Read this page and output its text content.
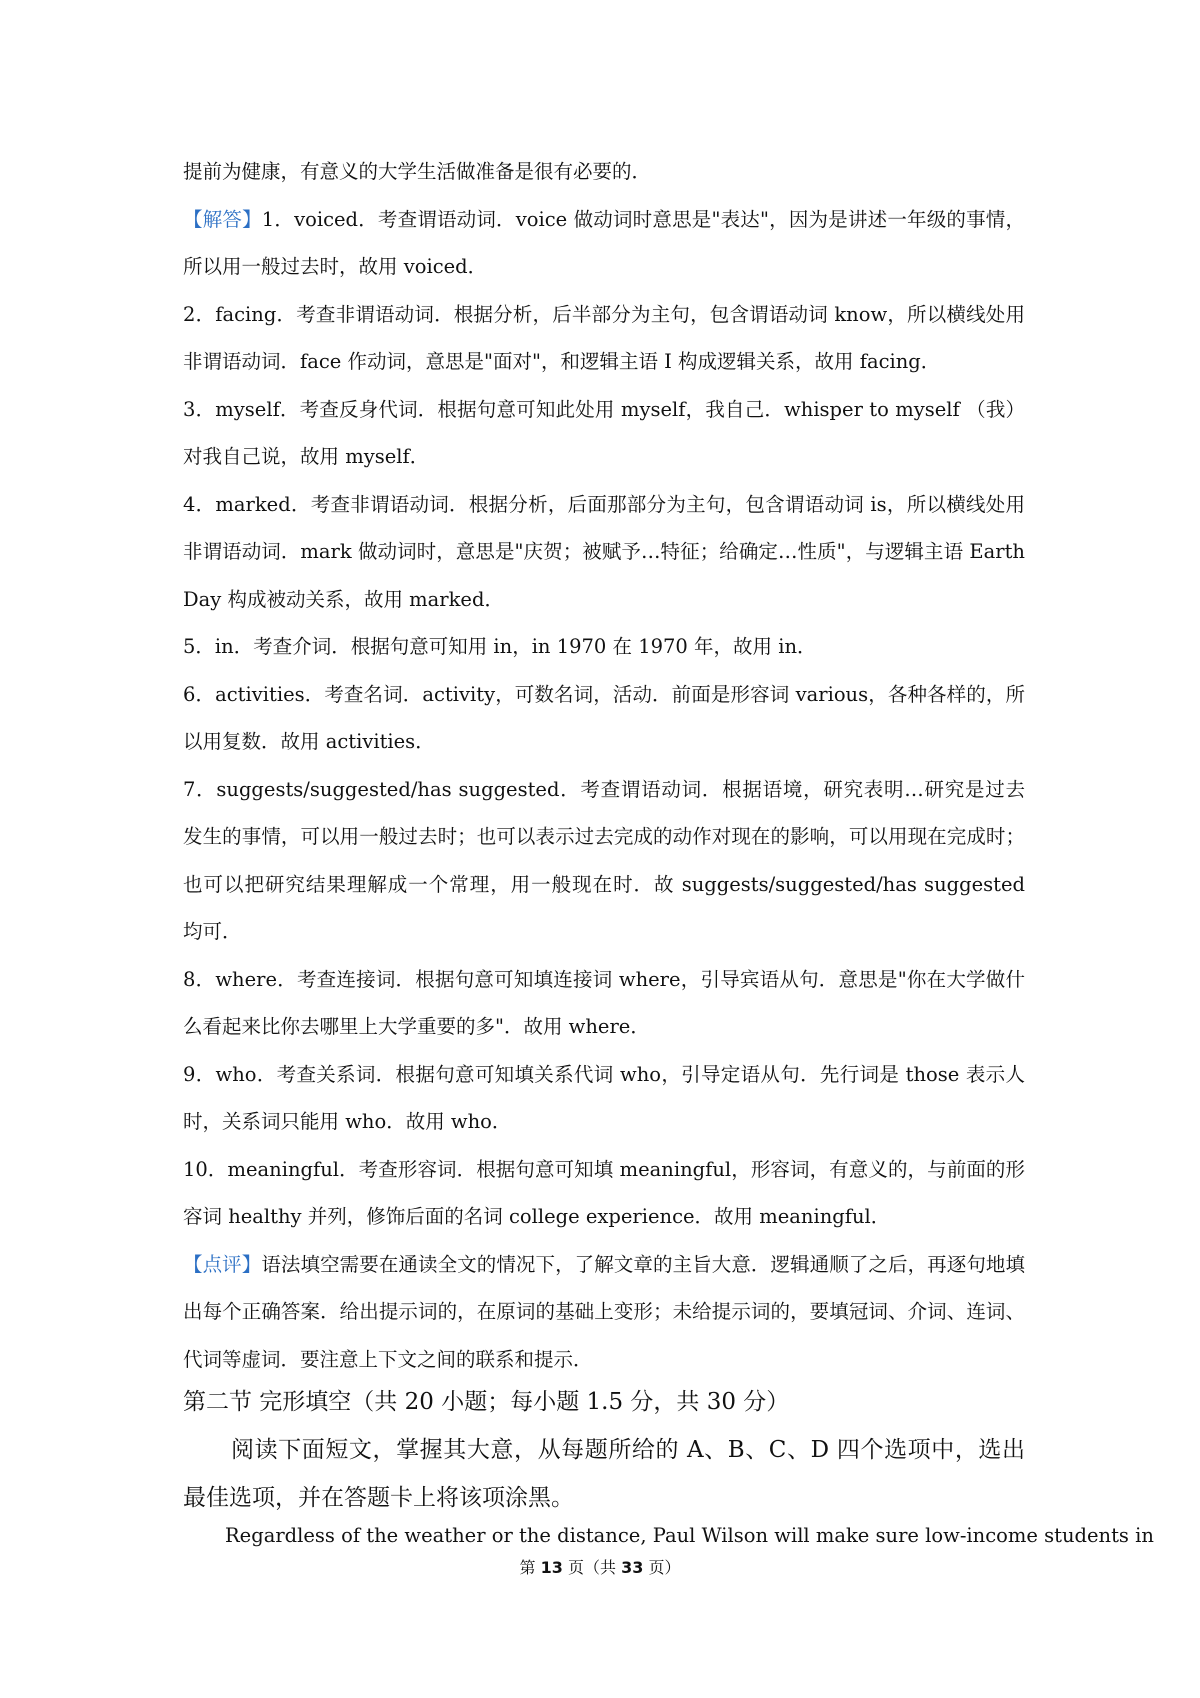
提前为健康，有意义的大学生活做准备是很有必要的．

【解答】1．voiced．考查谓语动词．voice 做动词时意思是"表达"，因为是讲述一年级的事情，所以用一般过去时，故用 voiced．

2．facing．考查非谓语动词．根据分析，后半部分为主句，包含谓语动词 know，所以横线处用非谓语动词．face 作动词，意思是"面对"，和逻辑主语 I 构成逻辑关系，故用 facing．

3．myself．考查反身代词．根据句意可知此处用 myself，我自己．whisper to myself （我）对我自己说，故用 myself．

4．marked．考查非谓语动词．根据分析，后面那部分为主句，包含谓语动词 is，所以横线处用非谓语动词．mark 做动词时，意思是"庆贺；被赋予…特征；给确定…性质"，与逻辑主语 Earth Day 构成被动关系，故用 marked．

5．in．考查介词．根据句意可知用 in，in 1970 在 1970 年，故用 in．

6．activities．考查名词．activity，可数名词，活动．前面是形容词 various，各种各样的，所以用复数．故用 activities．

7．suggests/suggested/has suggested．考查谓语动词．根据语境，研究表明…研究是过去发生的事情，可以用一般过去时；也可以表示过去完成的动作对现在的影响，可以用现在完成时；也可以把研究结果理解成一个常理，用一般现在时．故 suggests/suggested/has suggested 均可．

8．where．考查连接词．根据句意可知填连接词 where，引导宾语从句．意思是"你在大学做什么看起来比你去哪里上大学重要的多"．故用 where．

9．who．考查关系词．根据句意可知填关系代词 who，引导定语从句．先行词是 those 表示人时，关系词只能用 who．故用 who．

10．meaningful．考查形容词．根据句意可知填 meaningful，形容词，有意义的，与前面的形容词 healthy 并列，修饰后面的名词 college experience．故用 meaningful．

【点评】语法填空需要在通读全文的情况下，了解文章的主旨大意．逻辑通顺了之后，再逐句地填出每个正确答案．给出提示词的，在原词的基础上变形；未给提示词的，要填冠词、介词、连词、代词等虚词．要注意上下文之间的联系和提示．

第二节 完形填空（共 20 小题；每小题 1.5 分，共 30 分）

阅读下面短文，掌握其大意，从每题所给的 A、B、C、D 四个选项中，选出最佳选项，并在答题卡上将该项涂黑。

Regardless of the weather or the distance, Paul Wilson will make sure low-income students in
第 13 页（共 33 页）
